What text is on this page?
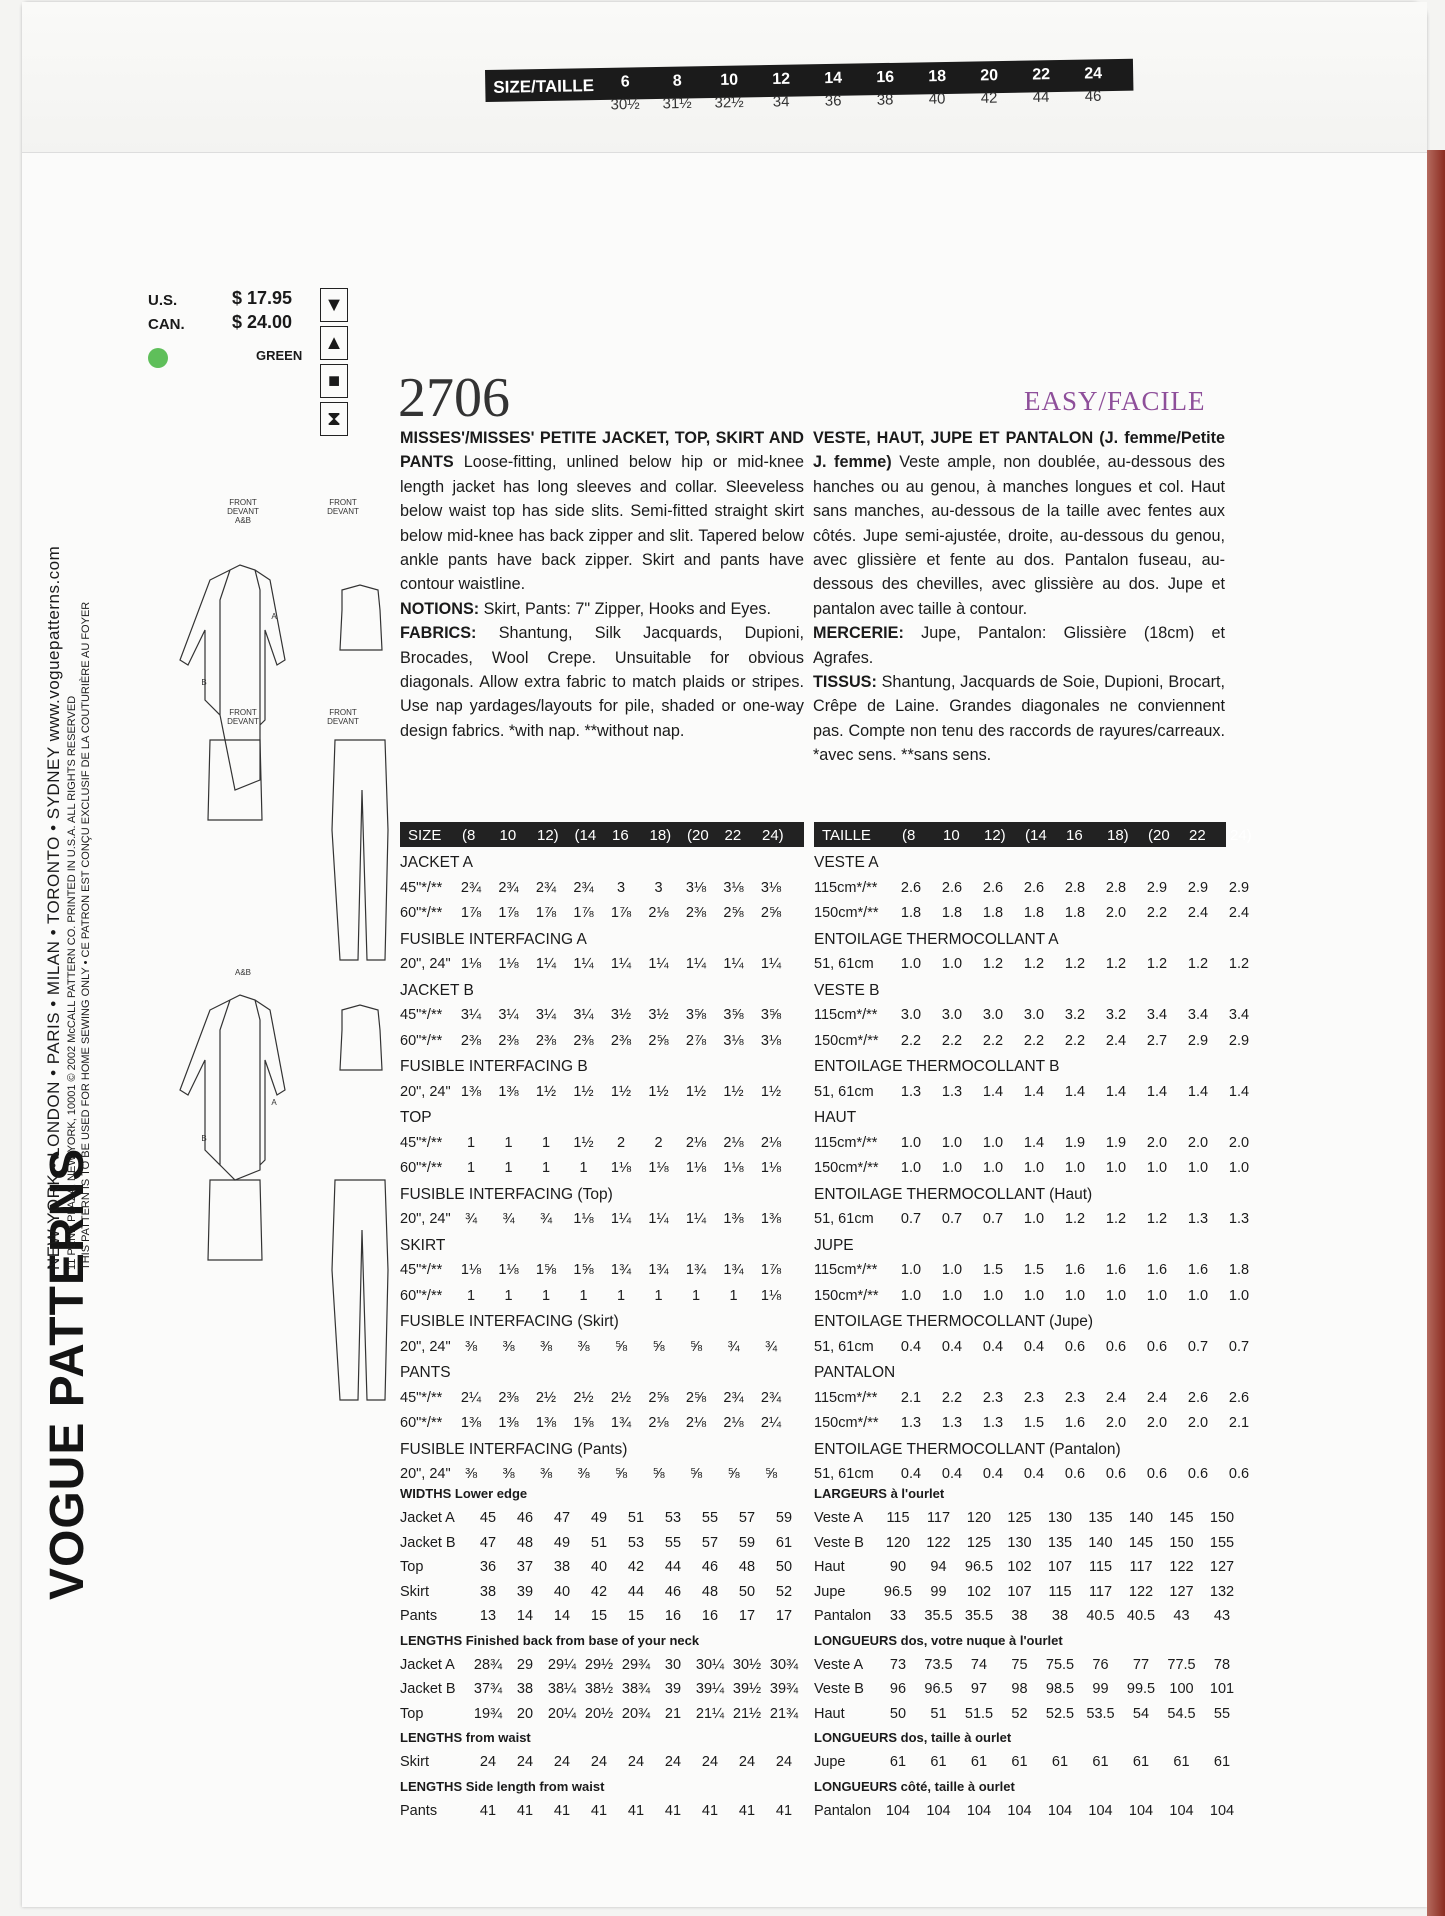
SIZE/TAILLE	6	8	10	12	14	16	18	20	22	24
30½	31½	32½	34	36	38	40	42	44	46
VOGUE PATTERNS
NEW YORK • LONDON • PARIS • MILAN • TORONTO • SYDNEY www.voguepatterns.com 11 PENN PLAZA, NEW YORK, 10001 © 2002 McCALL PATTERN CO. PRINTED IN U.S.A. ALL RIGHTS RESERVED THIS PATTERN IS TO BE USED FOR HOME SEWING ONLY • CE PATRON EST CONÇU EXCLUSIF DE LA COUTURIÈRE AU FOYER
U.S.	$ 17.95
CAN.	$ 24.00
GREEN
▼
▲
■
⧗ 2706	EASY/FACILE
FRONT
DEVANT
A&B
FRONT
DEVANT
FRONT
DEVANT
FRONT
DEVANT
A&B
A
B
A
B

MISSES'/MISSES' PETITE JACKET, TOP, SKIRT AND PANTS Loose-fitting, unlined below hip or mid-knee length jacket has long sleeves and collar. Sleeveless below waist top has side slits. Semi-fitted straight skirt below mid-knee has back zipper and slit. Tapered below ankle pants have back zipper. Skirt and pants have contour waistline.

NOTIONS: Skirt, Pants: 7" Zipper, Hooks and Eyes.

FABRICS: Shantung, Silk Jacquards, Dupioni, Brocades, Wool Crepe. Unsuitable for obvious diagonals. Allow extra fabric to match plaids or stripes. Use nap yardages/layouts for pile, shaded or one-way design fabrics. *with nap. **without nap.

VESTE, HAUT, JUPE ET PANTALON (J. femme/Petite J. femme) Veste ample, non doublée, au-dessous des hanches ou au genou, à manches longues et col. Haut sans manches, au-dessous de la taille avec fentes aux côtés. Jupe semi-ajustée, droite, au-dessous du genou, avec glissière et fente au dos. Pantalon fuseau, au-dessous des chevilles, avec glissière au dos. Jupe et pantalon avec taille à contour.

MERCERIE: Jupe, Pantalon: Glissière (18cm) et Agrafes.

TISSUS: Shantung, Jacquards de Soie, Dupioni, Brocart, Crêpe de Laine. Grandes diagonales ne conviennent pas. Compte non tenu des raccords de rayures/carreaux. *avec sens. **sans sens.

SIZE (8 10 12) (14 16 18) (20 22 24)
JACKET A
45"*/**	2¾	2¾	2¾	2¾	3	3	3⅛	3⅛	3⅛
60"*/**	1⅞	1⅞	1⅞	1⅞	1⅞	2⅛	2⅜	2⅝	2⅝
FUSIBLE INTERFACING A
20", 24" 1⅛	1⅛	1¼	1¼	1¼	1¼	1¼	1¼	1¼
JACKET B
45"*/**	3¼	3¼	3¼	3¼	3½	3½	3⅝	3⅝	3⅝
60"*/**	2⅜	2⅜	2⅜	2⅜	2⅜	2⅝	2⅞	3⅛	3⅛
FUSIBLE INTERFACING B
20", 24" 1⅜	1⅜	1½	1½	1½	1½	1½	1½	1½
TOP
45"*/**	1	1	1	1½	2	2	2⅛	2⅛	2⅛
60"*/**	1	1	1	1	1⅛	1⅛	1⅛	1⅛	1⅛
FUSIBLE INTERFACING (Top)
20", 24" ¾	¾	¾	1⅛	1¼	1¼	1¼	1⅜	1⅜
SKIRT
45"*/**	1⅛	1⅛	1⅝	1⅝	1¾	1¾	1¾	1¾	1⅞
60"*/**	1	1	1	1	1	1	1	1	1⅛
FUSIBLE INTERFACING (Skirt)
20", 24" ⅜	⅜	⅜	⅜	⅝	⅝	⅝	¾	¾
PANTS
45"*/**	2¼	2⅜	2½	2½	2½	2⅝	2⅝	2¾	2¾
60"*/**	1⅜	1⅜	1⅜	1⅝	1¾	2⅛	2⅛	2⅛	2¼
FUSIBLE INTERFACING (Pants)
20", 24" ⅜	⅜	⅜	⅜	⅝	⅝	⅝	⅝	⅝
TAILLE (8 10 12) (14 16 18) (20 22 24)
VESTE A
115cm*/**	2.6	2.6	2.6	2.6	2.8	2.8	2.9	2.9	2.9
150cm*/**	1.8	1.8	1.8	1.8	1.8	2.0	2.2	2.4	2.4
ENTOILAGE THERMOCOLLANT A
51, 61cm	1.0	1.0	1.2	1.2	1.2	1.2	1.2	1.2	1.2
VESTE B
115cm*/**	3.0	3.0	3.0	3.0	3.2	3.2	3.4	3.4	3.4
150cm*/**	2.2	2.2	2.2	2.2	2.2	2.4	2.7	2.9	2.9
ENTOILAGE THERMOCOLLANT B
51, 61cm	1.3	1.3	1.4	1.4	1.4	1.4	1.4	1.4	1.4
HAUT
115cm*/**	1.0	1.0	1.0	1.4	1.9	1.9	2.0	2.0	2.0
150cm*/**	1.0	1.0	1.0	1.0	1.0	1.0	1.0	1.0	1.0
ENTOILAGE THERMOCOLLANT (Haut)
51, 61cm	0.7	0.7	0.7	1.0	1.2	1.2	1.2	1.3	1.3
JUPE
115cm*/**	1.0	1.0	1.5	1.5	1.6	1.6	1.6	1.6	1.8
150cm*/**	1.0	1.0	1.0	1.0	1.0	1.0	1.0	1.0	1.0
ENTOILAGE THERMOCOLLANT (Jupe)
51, 61cm	0.4	0.4	0.4	0.4	0.6	0.6	0.6	0.7	0.7
PANTALON
115cm*/**	2.1	2.2	2.3	2.3	2.3	2.4	2.4	2.6	2.6
150cm*/**	1.3	1.3	1.3	1.5	1.6	2.0	2.0	2.0	2.1
ENTOILAGE THERMOCOLLANT (Pantalon)
51, 61cm	0.4	0.4	0.4	0.4	0.6	0.6	0.6	0.6	0.6
WIDTHS Lower edge
Jacket A	45	46	47	49	51	53	55	57	59
Jacket B	47	48	49	51	53	55	57	59	61
Top	36	37	38	40	42	44	46	48	50
Skirt	38	39	40	42	44	46	48	50	52
Pants	13	14	14	15	15	16	16	17	17
LENGTHS Finished back from base of your neck
Jacket A 28¾	29	29¼ 29½ 29¾	30	30¼ 30½ 30¾
Jacket B 37¾	38	38¼ 38½ 38¾	39	39¼ 39½ 39¾
Top	19¾	20	20¼ 20½ 20¾	21	21¼ 21½ 21¾
LENGTHS from waist
Skirt	24	24	24	24	24	24	24	24	24
LENGTHS Side length from waist
Pants	41	41	41	41	41	41	41	41	41
LARGEURS à l'ourlet
Veste A	115	117	120	125	130	135	140	145	150
Veste B	120	122	125	130	135	140	145	150	155
Haut	90	94	96.5 102	107	115	117	122	127
Jupe	96.5	99	102	107	115	117	122	127	132
Pantalon	33	35.5 35.5	38	38	40.5 40.5	43	43
LONGUEURS dos, votre nuque à l'ourlet
Veste A	73	73.5	74	75	75.5	76	77	77.5	78
Veste B	96	96.5	97	98	98.5	99	99.5 100	101
Haut	50	51	51.5	52	52.5 53.5	54	54.5	55
LONGUEURS dos, taille à ourlet
Jupe	61	61	61	61	61	61	61	61	61
LONGUEURS côté, taille à ourlet
Pantalon	104	104	104	104	104	104	104	104	104
